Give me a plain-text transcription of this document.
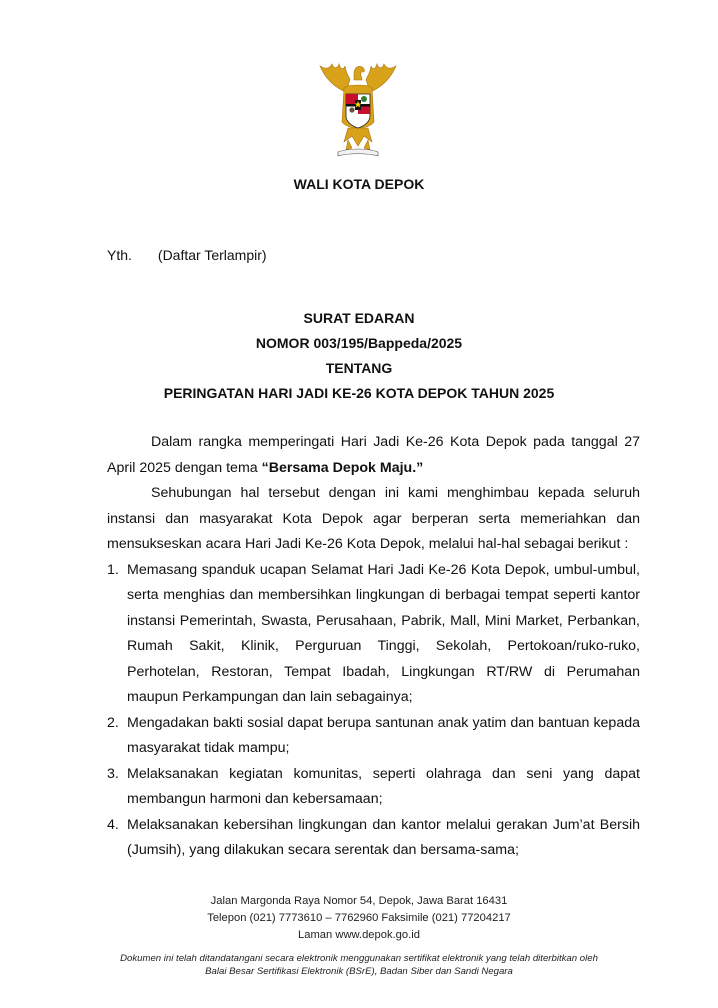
WALI KOTA DEPOK
Yth. (Daftar Terlampir)
SURAT EDARAN
NOMOR 003/195/Bappeda/2025
TENTANG
PERINGATAN HARI JADI KE-26 KOTA DEPOK TAHUN 2025

Dalam rangka memperingati Hari Jadi Ke-26 Kota Depok pada tanggal 27 April 2025 dengan tema “Bersama Depok Maju.”

Sehubungan hal tersebut dengan ini kami menghimbau kepada seluruh instansi dan masyarakat Kota Depok agar berperan serta memeriahkan dan mensukseskan acara Hari Jadi Ke-26 Kota Depok, melalui hal-hal sebagai berikut :

1. Memasang spanduk ucapan Selamat Hari Jadi Ke-26 Kota Depok, umbul-umbul, serta menghias dan membersihkan lingkungan di berbagai tempat seperti kantor instansi Pemerintah, Swasta, Perusahaan, Pabrik, Mall, Mini Market, Perbankan, Rumah Sakit, Klinik, Perguruan Tinggi, Sekolah, Pertokoan/ruko-ruko, Perhotelan, Restoran, Tempat Ibadah, Lingkungan RT/RW di Perumahan maupun Perkampungan dan lain sebagainya;
2. Mengadakan bakti sosial dapat berupa santunan anak yatim dan bantuan kepada masyarakat tidak mampu;
3. Melaksanakan kegiatan komunitas, seperti olahraga dan seni yang dapat membangun harmoni dan kebersamaan;
4. Melaksanakan kebersihan lingkungan dan kantor melalui gerakan Jum’at Bersih (Jumsih), yang dilakukan secara serentak dan bersama-sama;
Jalan Margonda Raya Nomor 54, Depok, Jawa Barat 16431
Telepon (021) 7773610 – 7762960 Faksimile (021) 77204217
Laman www.depok.go.id
Dokumen ini telah ditandatangani secara elektronik menggunakan sertifikat elektronik yang telah diterbitkan oleh
Balai Besar Sertifikasi Elektronik (BSrE), Badan Siber dan Sandi Negara
